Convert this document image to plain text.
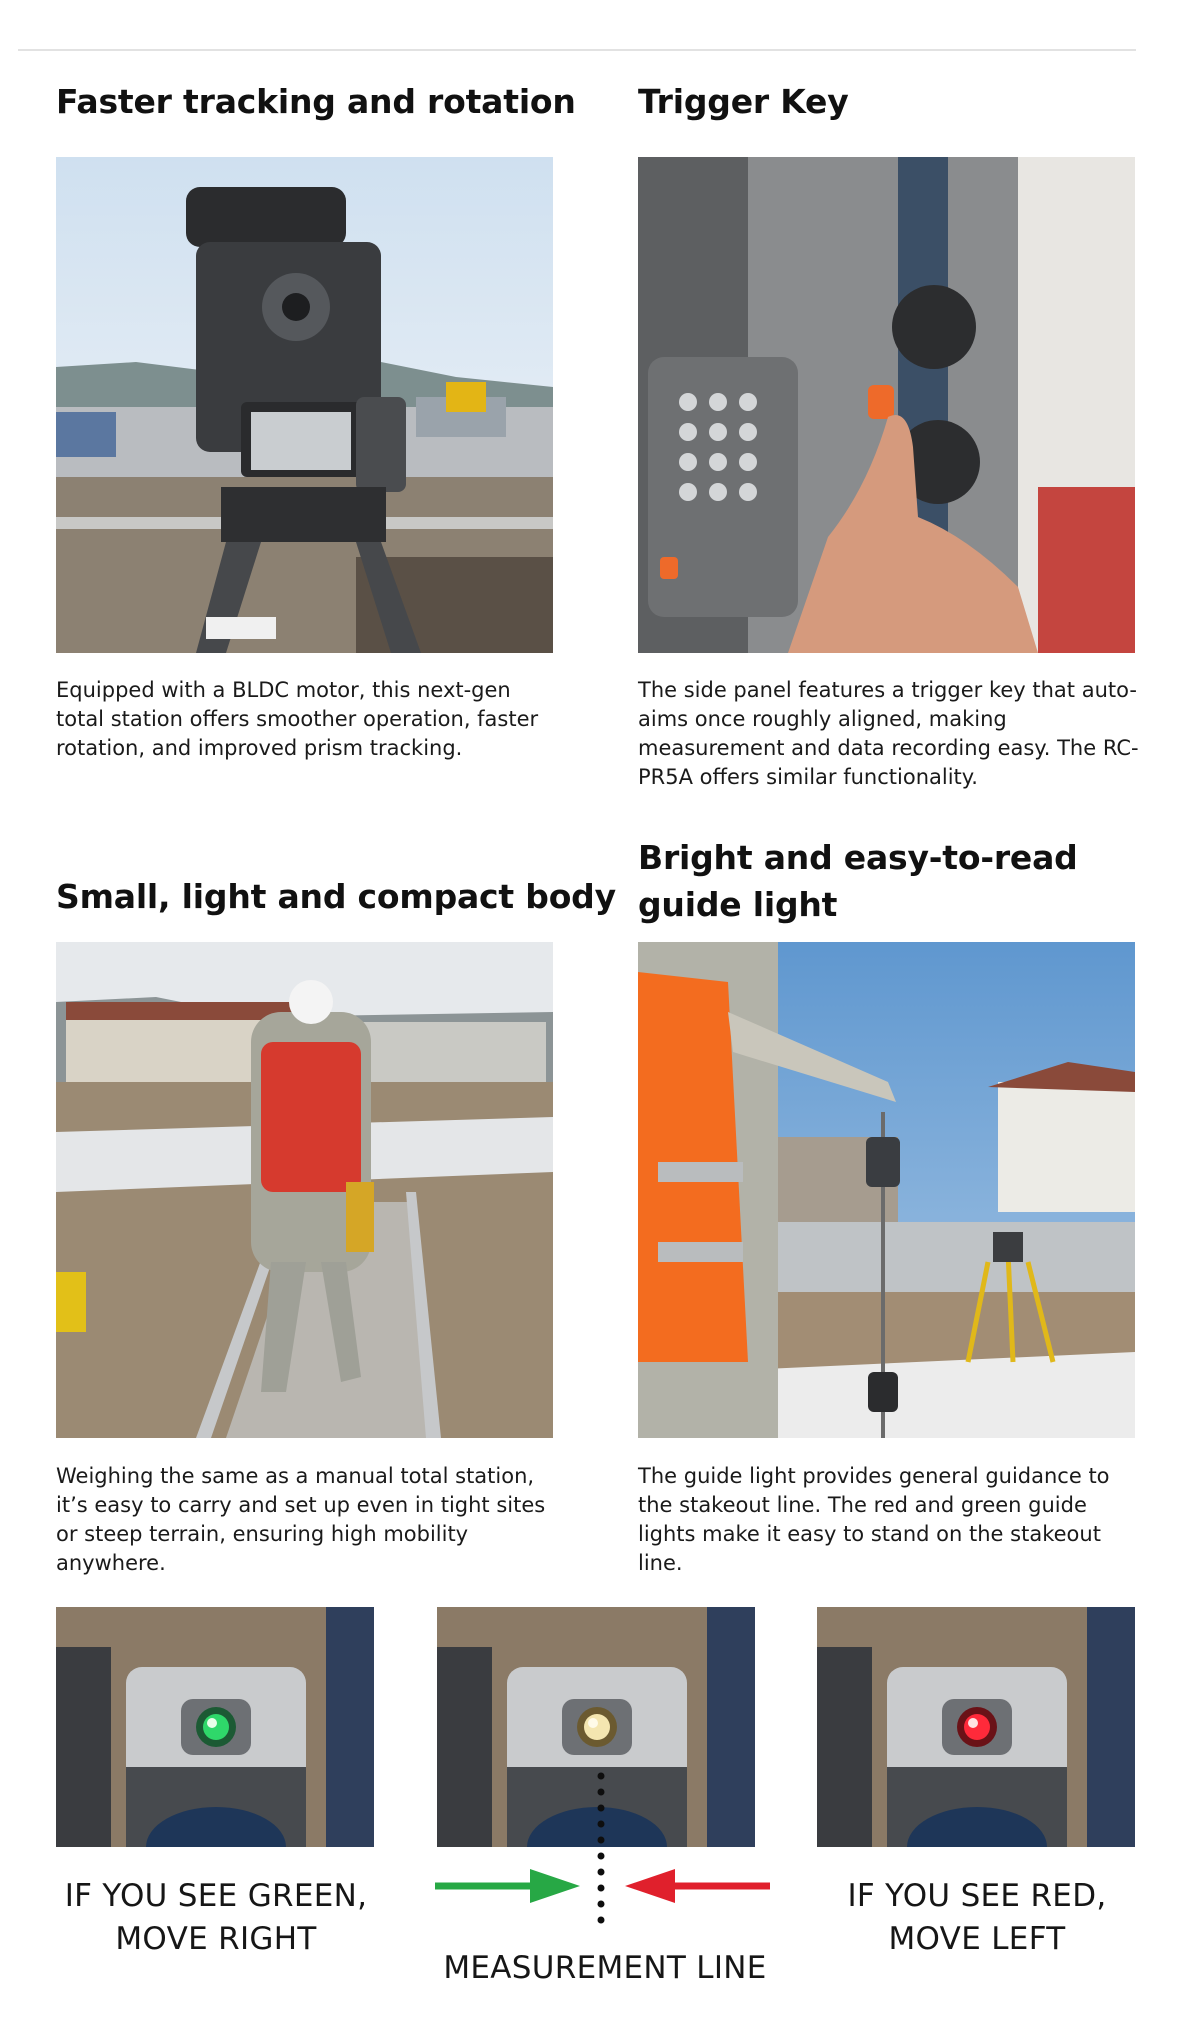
Faster tracking and rotation

Equipped with a BLDC motor, this next-gen total station offers smoother operation, faster rotation, and improved prism tracking.

Trigger Key

The side panel features a trigger key that auto-aims once roughly aligned, making measurement and data recording easy. The RC-PR5A offers similar functionality.

Small, light and compact body

Weighing the same as a manual total station, it’s easy to carry and set up even in tight sites or steep terrain, ensuring high mobility anywhere.

Bright and easy-to-read guide light

The guide light provides general guidance to the stakeout line. The red and green guide lights make it easy to stand on the stakeout line.

IF YOU SEE GREEN, MOVE RIGHT
MEASUREMENT LINE
IF YOU SEE RED, MOVE LEFT
